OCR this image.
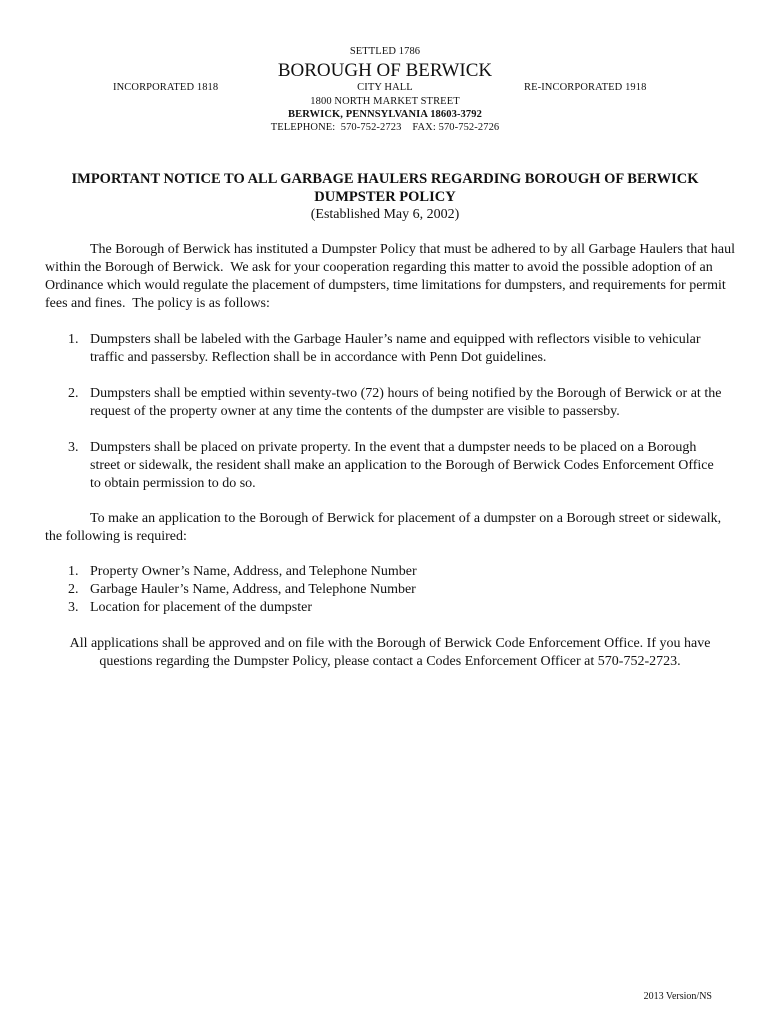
SETTLED 1786
BOROUGH OF BERWICK
INCORPORATED 1818	CITY HALL	RE-INCORPORATED 1918
1800 NORTH MARKET STREET
BERWICK, PENNSYLVANIA 18603-3792
TELEPHONE:  570-752-2723    FAX: 570-752-2726
IMPORTANT NOTICE TO ALL GARBAGE HAULERS REGARDING BOROUGH OF BERWICK
DUMPSTER POLICY
(Established May 6, 2002)
The Borough of Berwick has instituted a Dumpster Policy that must be adhered to by all Garbage Haulers that haul within the Borough of Berwick.  We ask for your cooperation regarding this matter to avoid the possible adoption of an Ordinance which would regulate the placement of dumpsters, time limitations for dumpsters, and requirements for permit fees and fines.  The policy is as follows:
1. Dumpsters shall be labeled with the Garbage Hauler’s name and equipped with reflectors visible to vehicular traffic and passersby. Reflection shall be in accordance with Penn Dot guidelines.
2. Dumpsters shall be emptied within seventy-two (72) hours of being notified by the Borough of Berwick or at the request of the property owner at any time the contents of the dumpster are visible to passersby.
3. Dumpsters shall be placed on private property. In the event that a dumpster needs to be placed on a Borough street or sidewalk, the resident shall make an application to the Borough of Berwick Codes Enforcement Office to obtain permission to do so.
To make an application to the Borough of Berwick for placement of a dumpster on a Borough street or sidewalk, the following is required:
1. Property Owner’s Name, Address, and Telephone Number
2. Garbage Hauler’s Name, Address, and Telephone Number
3. Location for placement of the dumpster
All applications shall be approved and on file with the Borough of Berwick Code Enforcement Office. If you have questions regarding the Dumpster Policy, please contact a Codes Enforcement Officer at 570-752-2723.
2013 Version/NS
